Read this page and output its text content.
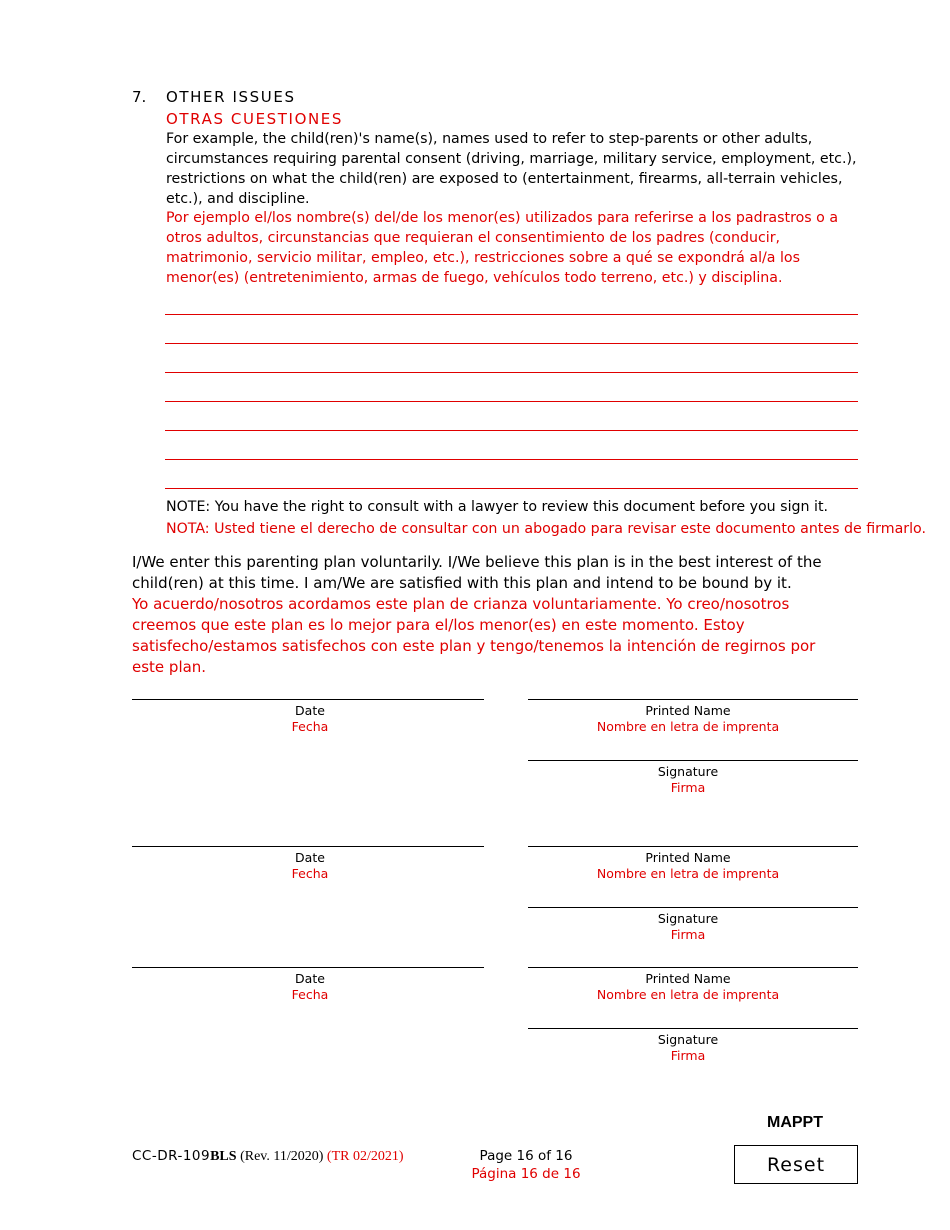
7. OTHER ISSUES
OTRAS CUESTIONES
For example, the child(ren)'s name(s), names used to refer to step-parents or other adults, circumstances requiring parental consent (driving, marriage, military service, employment, etc.), restrictions on what the child(ren) are exposed to (entertainment, firearms, all-terrain vehicles, etc.), and discipline.
Por ejemplo el/los nombre(s) del/de los menor(es) utilizados para referirse a los padrastros o a otros adultos, circunstancias que requieran el consentimiento de los padres (conducir, matrimonio, servicio militar, empleo, etc.), restricciones sobre a qué se expondrá al/a los menor(es) (entretenimiento, armas de fuego, vehículos todo terreno, etc.) y disciplina.
NOTE: You have the right to consult with a lawyer to review this document before you sign it.
NOTA: Usted tiene el derecho de consultar con un abogado para revisar este documento antes de firmarlo.
I/We enter this parenting plan voluntarily. I/We believe this plan is in the best interest of the child(ren) at this time. I am/We are satisfied with this plan and intend to be bound by it.
Yo acuerdo/nosotros acordamos este plan de crianza voluntariamente. Yo creo/nosotros creemos que este plan es lo mejor para el/los menor(es) en este momento. Estoy satisfecho/estamos satisfechos con este plan y tengo/tenemos la intención de regirnos por este plan.
Date
Fecha
Printed Name
Nombre en letra de imprenta
Signature
Firma
Date
Fecha
Printed Name
Nombre en letra de imprenta
Signature
Firma
Date
Fecha
Printed Name
Nombre en letra de imprenta
Signature
Firma
CC-DR-109BLS (Rev. 11/2020) (TR 02/2021)	Page 16 of 16
Página 16 de 16
MAPPT
Reset
